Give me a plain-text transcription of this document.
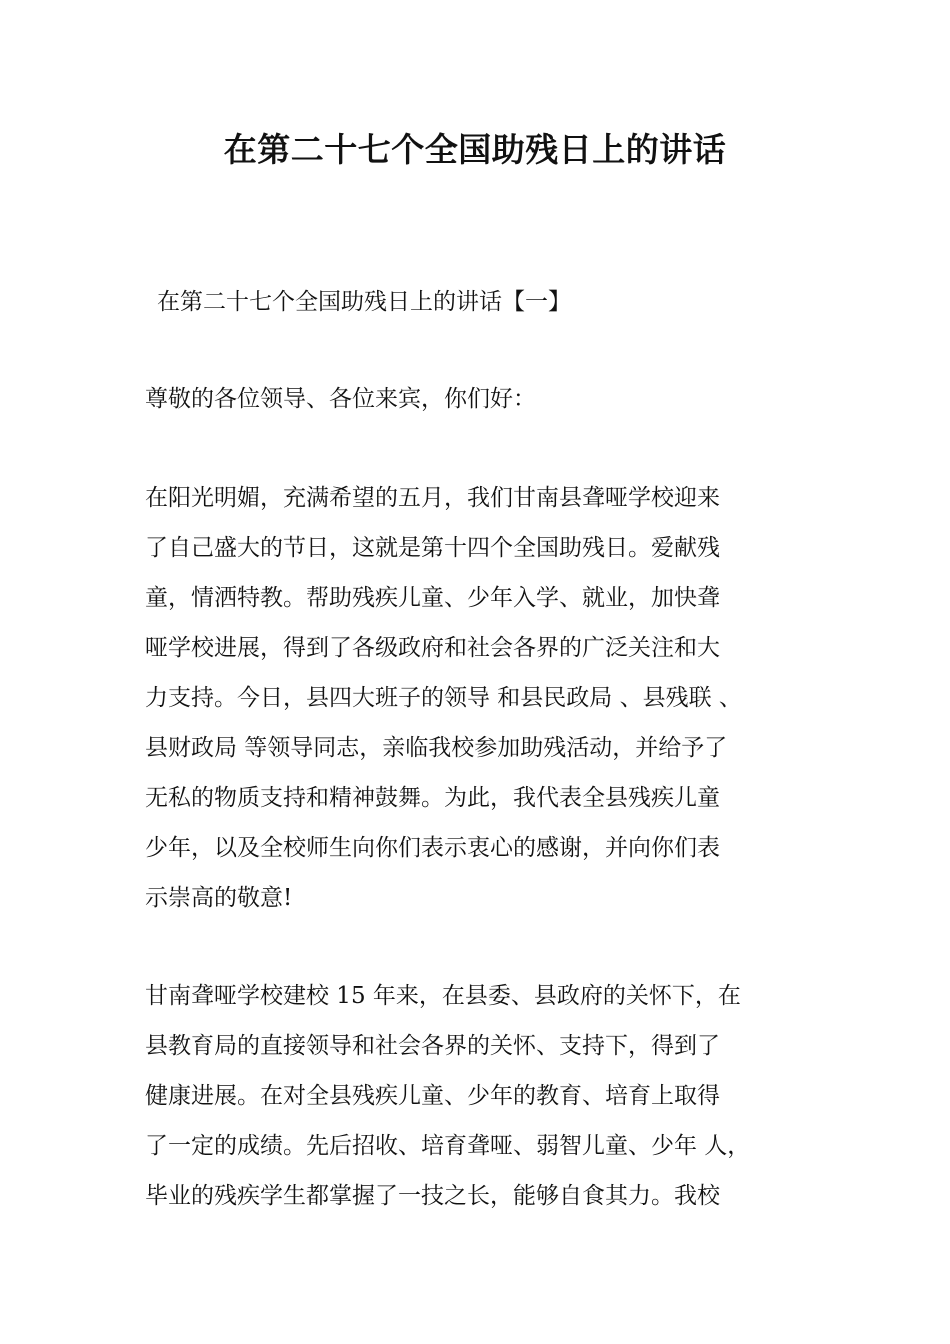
在第二十七个全国助残日上的讲话

在第二十七个全国助残日上的讲话【一】

尊敬的各位领导、各位来宾，你们好：

在阳光明媚，充满希望的五月，我们甘南县聋哑学校迎来
了自己盛大的节日，这就是第十四个全国助残日。爱献残
童，情洒特教。帮助残疾儿童、少年入学、就业，加快聋
哑学校进展，得到了各级政府和社会各界的广泛关注和大
力支持。今日，县四大班子的领导 和县民政局 、县残联 、
县财政局 等领导同志，亲临我校参加助残活动，并给予了
无私的物质支持和精神鼓舞。为此，我代表全县残疾儿童
少年，以及全校师生向你们表示衷心的感谢，并向你们表
示崇高的敬意!
甘南聋哑学校建校 15 年来，在县委、县政府的关怀下，在
县教育局的直接领导和社会各界的关怀、支持下，得到了
健康进展。在对全县残疾儿童、少年的教育、培育上取得
了一定的成绩。先后招收、培育聋哑、弱智儿童、少年 人，
毕业的残疾学生都掌握了一技之长，能够自食其力。我校
